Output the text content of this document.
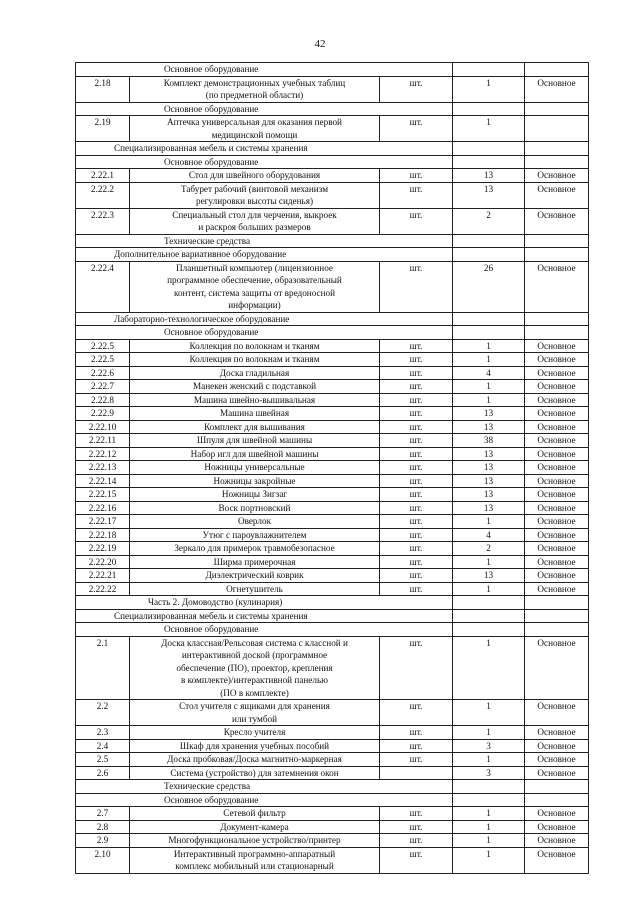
42
Основное оборудование				
2.18	Комплект демонстрационных учебных таблиц
(по предметной области)	шт.	1	Основное
Основное оборудование				
2.19	Аптечка универсальная для оказания первой
медицинской помощи	шт.	1	
Специализированная мебель и системы хранения				
Основное оборудование				
2.22.1	Стол для швейного оборудования	шт.	13	Основное
2.22.2	Табурет рабочий (винтовой механизм
регулировки высоты сиденья)	шт.	13	Основное
2.22.3	Специальный стол для черчения, выкроек
и раскроя больших размеров	шт.	2	Основное
Технические средства				
Дополнительное вариативное оборудование				
2.22.4	Планшетный компьютер (лицензионное
программное обеспечение, образовательный
контент, система защиты от вредоносной
информации)	шт.	26	Основное
Лабораторно-технологическое оборудование				
Основное оборудование				
2.22.5	Коллекция по волокнам и тканям	шт.	1	Основное
2.22.5	Коллекция по волокнам и тканям	шт.	1	Основное
2.22.6	Доска гладильная	шт.	4	Основное
2.22.7	Манекен женский с подставкой	шт.	1	Основное
2.22.8	Машина швейно-вышивальная	шт.	1	Основное
2.22.9	Машина швейная	шт.	13	Основное
2.22.10	Комплект для вышивания	шт.	13	Основное
2.22.11	Шпуля для швейной машины	шт.	38	Основное
2.22.12	Набор игл для швейной машины	шт.	13	Основное
2.22.13	Ножницы универсальные	шт.	13	Основное
2.22.14	Ножницы закройные	шт.	13	Основное
2.22.15	Ножницы Зигзаг	шт.	13	Основное
2.22.16	Воск портновский	шт.	13	Основное
2.22.17	Оверлок	шт.	1	Основное
2.22.18	Утюг с пароувлажнителем	шт.	4	Основное
2.22.19	Зеркало для примерок травмобезопасное	шт.	2	Основное
2.22.20	Ширма примерочная	шт.	1	Основное
2.22.21	Диэлектрический коврик	шт.	13	Основное
2.22.22	Огнетушитель	шт.	1	Основное
Часть 2. Домоводство (кулинария)				
Специализированная мебель и системы хранения				
Основное оборудование				
2.1	Доска классная/Рельсовая система с классной и
интерактивной доской (программное
обеспечение (ПО), проектор, крепления
в комплекте)/интерактивной панелью
(ПО в комплекте)	шт.	1	Основное
2.2	Стол учителя с ящиками для хранения
или тумбой	шт.	1	Основное
2.3	Кресло учителя	шт.	1	Основное
2.4	Шкаф для хранения учебных пособий	шт.	3	Основное
2.5	Доска пробковая/Доска магнитно-маркерная	шт.	1	Основное
2.6	Система (устройство) для затемнения окон		3	Основное
Технические средства				
Основное оборудование				
2.7	Сетевой фильтр	шт.	1	Основное
2.8	Документ-камера	шт.	1	Основное
2.9	Многофункциональное устройство/принтер	шт.	1	Основное
2.10	Интерактивный программно-аппаратный
комплекс мобильный или стационарный	шт.	1	Основное
